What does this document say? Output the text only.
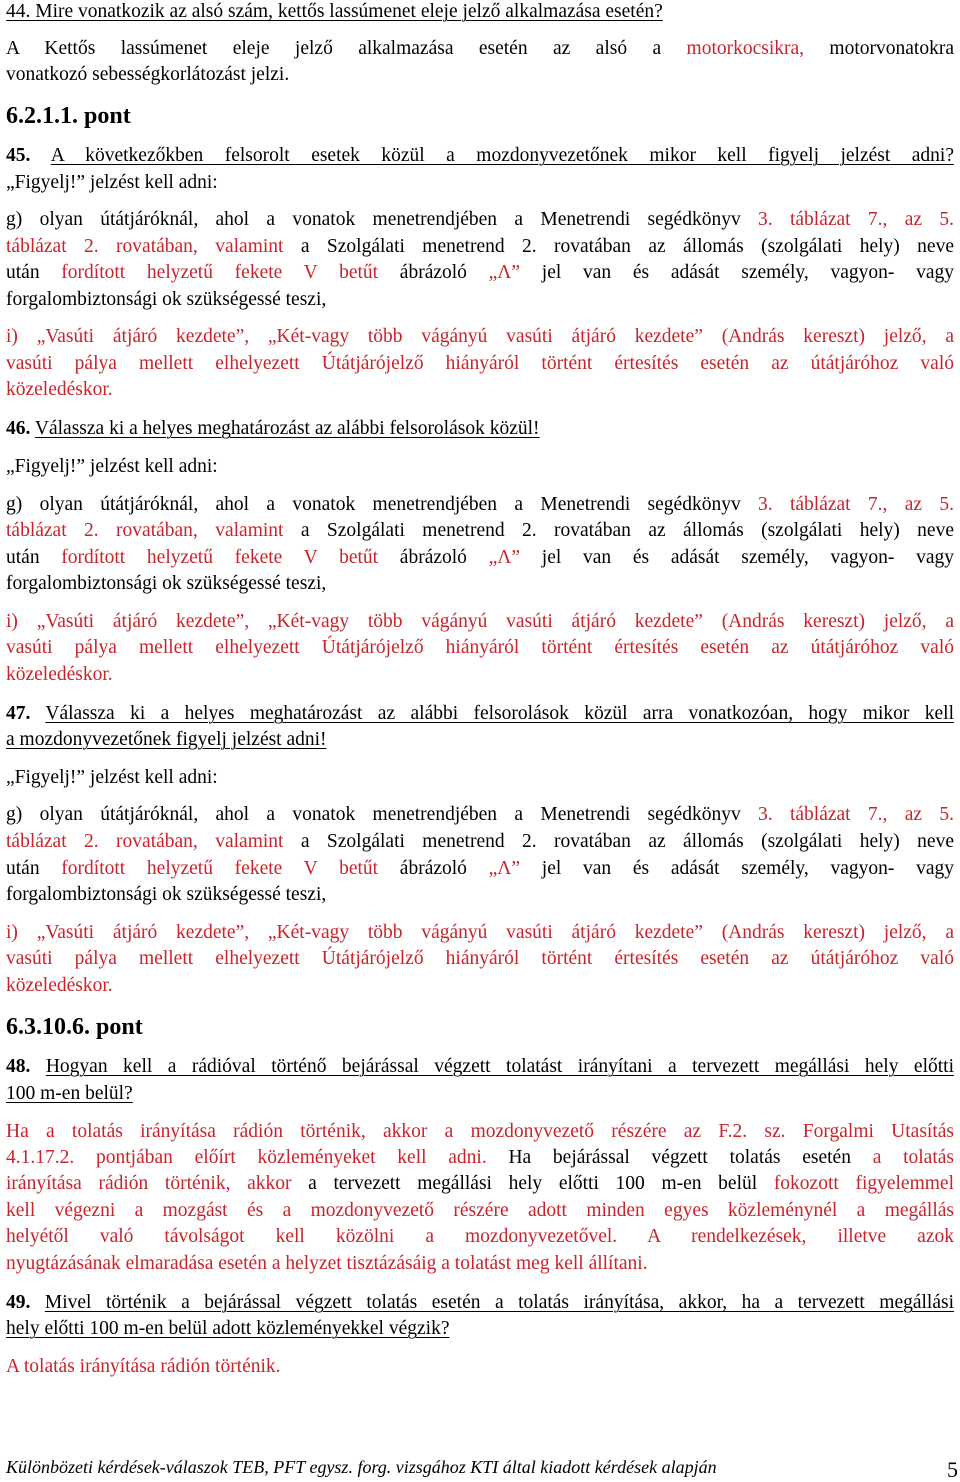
44. Mire vonatkozik az alsó szám, kettős lassúmenet eleje jelző alkalmazása esetén?
A Kettős lassúmenet eleje jelző alkalmazása esetén az alsó a motorkocsikra, motorvonatokra
vonatkozó sebességkorlátozást jelzi.
6.2.1.1. pont
45. A következőkben felsorolt esetek közül a mozdonyvezetőnek mikor kell figyelj jelzést adni?
„Figyelj!” jelzést kell adni:
g) olyan útátjáróknál, ahol a vonatok menetrendjében a Menetrendi segédkönyv 3. táblázat 7., az 5.
táblázat 2. rovatában, valamint a Szolgálati menetrend 2. rovatában az állomás (szolgálati hely) neve
után fordított helyzetű fekete V betűt ábrázoló „Λ” jel van és adását személy, vagyon- vagy
forgalombiztonsági ok szükségessé teszi,
i) „Vasúti átjáró kezdete”, „Két-vagy több vágányú vasúti átjáró kezdete” (András kereszt) jelző, a
vasúti pálya mellett elhelyezett Útátjárójelző hiányáról történt értesítés esetén az útátjáróhoz való
közeledéskor.
46. Válassza ki a helyes meghatározást az alábbi felsorolások közül!
„Figyelj!” jelzést kell adni:
g) olyan útátjáróknál, ahol a vonatok menetrendjében a Menetrendi segédkönyv 3. táblázat 7., az 5.
táblázat 2. rovatában, valamint a Szolgálati menetrend 2. rovatában az állomás (szolgálati hely) neve
után fordított helyzetű fekete V betűt ábrázoló „Λ” jel van és adását személy, vagyon- vagy
forgalombiztonsági ok szükségessé teszi,
i) „Vasúti átjáró kezdete”, „Két-vagy több vágányú vasúti átjáró kezdete” (András kereszt) jelző, a
vasúti pálya mellett elhelyezett Útátjárójelző hiányáról történt értesítés esetén az útátjáróhoz való
közeledéskor.
47. Válassza ki a helyes meghatározást az alábbi felsorolások közül arra vonatkozóan, hogy mikor kell
a mozdonyvezetőnek figyelj jelzést adni!
„Figyelj!” jelzést kell adni:
g) olyan útátjáróknál, ahol a vonatok menetrendjében a Menetrendi segédkönyv 3. táblázat 7., az 5.
táblázat 2. rovatában, valamint a Szolgálati menetrend 2. rovatában az állomás (szolgálati hely) neve
után fordított helyzetű fekete V betűt ábrázoló „Λ” jel van és adását személy, vagyon- vagy
forgalombiztonsági ok szükségessé teszi,
i) „Vasúti átjáró kezdete”, „Két-vagy több vágányú vasúti átjáró kezdete” (András kereszt) jelző, a
vasúti pálya mellett elhelyezett Útátjárójelző hiányáról történt értesítés esetén az útátjáróhoz való
közeledéskor.
6.3.10.6. pont
48. Hogyan kell a rádióval történő bejárással végzett tolatást irányítani a tervezett megállási hely előtti
100 m-en belül?
Ha a tolatás irányítása rádión történik, akkor a mozdonyvezető részére az F.2. sz. Forgalmi Utasítás
4.1.17.2. pontjában előírt közleményeket kell adni. Ha bejárással végzett tolatás esetén a tolatás
irányítása rádión történik, akkor a tervezett megállási hely előtti 100 m-en belül fokozott figyelemmel
kell végezni a mozgást és a mozdonyvezető részére adott minden egyes közleménynél a megállás
helyétől való távolságot kell közölni a mozdonyvezetővel. A rendelkezések, illetve azok
nyugtázásának elmaradása esetén a helyzet tisztázásáig a tolatást meg kell állítani.
49. Mivel történik a bejárással végzett tolatás esetén a tolatás irányítása, akkor, ha a tervezett megállási
hely előtti 100 m-en belül adott közleményekkel végzik?
A tolatás irányítása rádión történik.
Különbözeti kérdések-válaszok TEB, PFT egysz. forg. vizsgához KTI által kiadott kérdések alapján	5
